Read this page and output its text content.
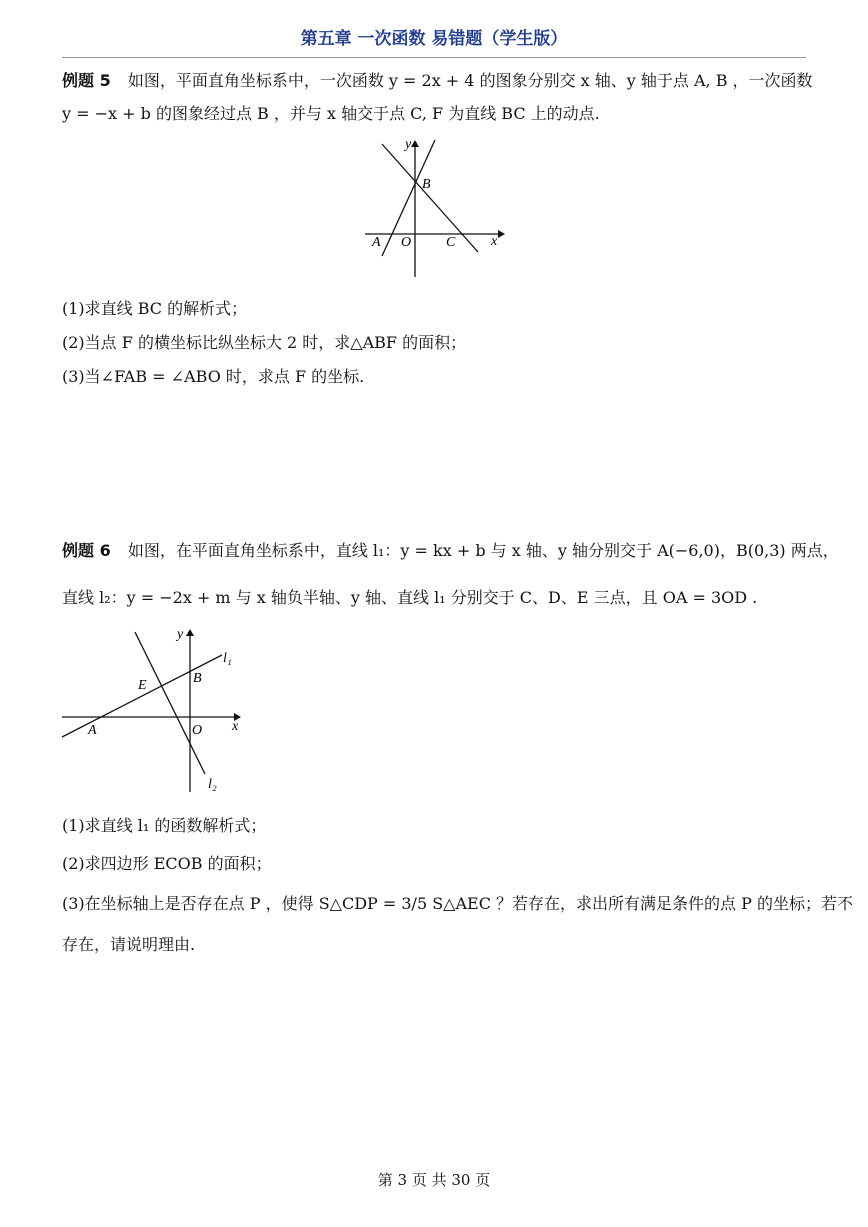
第五章 一次函数 易错题（学生版）
例题 5 如图，平面直角坐标系中，一次函数 y = 2x + 4 的图象分别交 x 轴、y 轴于点 A, B ，一次函数
y = −x + b 的图象经过点 B ，并与 x 轴交于点 C, F 为直线 BC 上的动点.
y
x
B
A O C
(1)求直线 BC 的解析式；
(2)当点 F 的横坐标比纵坐标大 2 时，求△ABF 的面积；
(3)当∠FAB = ∠ABO 时，求点 F 的坐标.
例题 6 如图，在平面直角坐标系中，直线 l₁：y = kx + b 与 x 轴、y 轴分别交于 A(−6,0)，B(0,3) 两点，
直线 l₂：y = −2x + m 与 x 轴负半轴、y 轴、直线 l₁ 分别交于 C、D、E 三点，且 OA = 3OD .
y
x
l₁
l₂
E	B
A	O
(1)求直线 l₁ 的函数解析式；
(2)求四边形 ECOB 的面积；
(3)在坐标轴上是否存在点 P ，使得 S△CDP = 3/5 S△AEC ？若存在，求出所有满足条件的点 P 的坐标；若不
存在，请说明理由.
第 3 页 共 30 页
